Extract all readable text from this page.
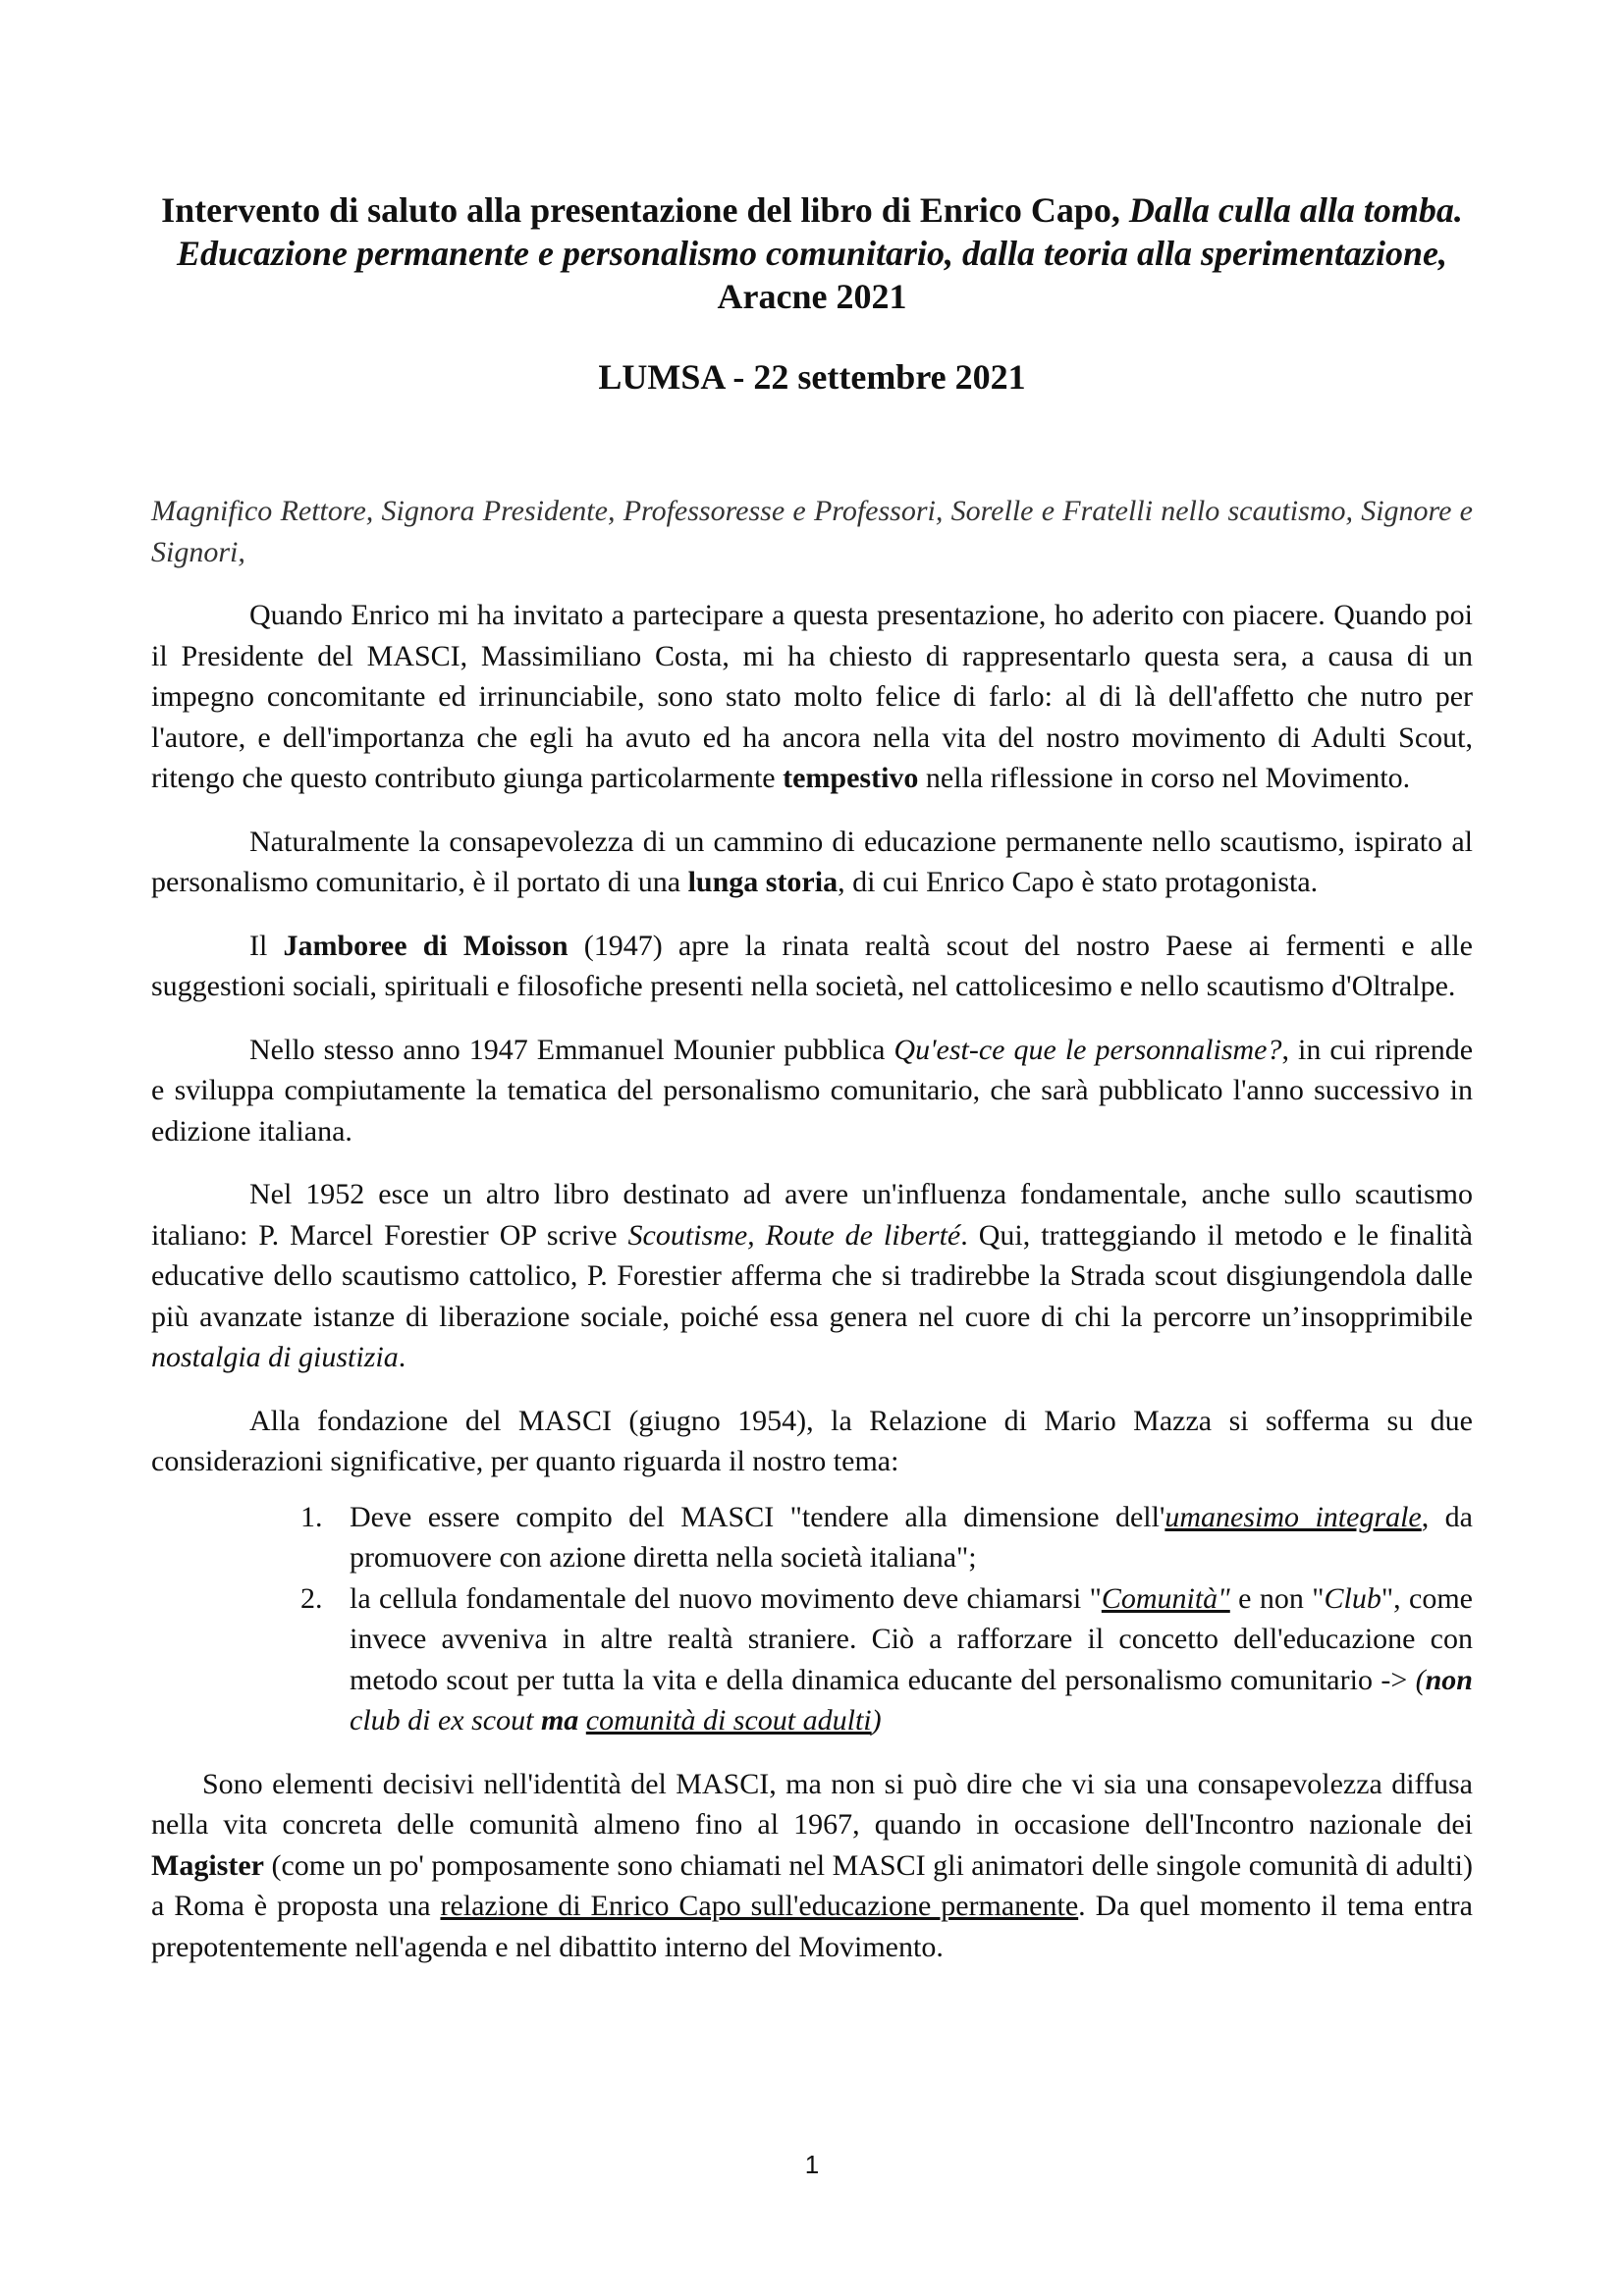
Intervento di saluto alla presentazione del libro di Enrico Capo, Dalla culla alla tomba. Educazione permanente e personalismo comunitario, dalla teoria alla sperimentazione, Aracne 2021
LUMSA - 22 settembre 2021

Magnifico Rettore, Signora Presidente, Professoresse e Professori, Sorelle e Fratelli nello scautismo, Signore e Signori,

Quando Enrico mi ha invitato a partecipare a questa presentazione, ho aderito con piacere. Quando poi il Presidente del MASCI, Massimiliano Costa, mi ha chiesto di rappresentarlo questa sera, a causa di un impegno concomitante ed irrinunciabile, sono stato molto felice di farlo: al di là dell'affetto che nutro per l'autore, e dell'importanza che egli ha avuto ed ha ancora nella vita del nostro movimento di Adulti Scout, ritengo che questo contributo giunga particolarmente tempestivo nella riflessione in corso nel Movimento.

Naturalmente la consapevolezza di un cammino di educazione permanente nello scautismo, ispirato al personalismo comunitario, è il portato di una lunga storia, di cui Enrico Capo è stato protagonista.

Il Jamboree di Moisson (1947) apre la rinata realtà scout del nostro Paese ai fermenti e alle suggestioni sociali, spirituali e filosofiche presenti nella società, nel cattolicesimo e nello scautismo d'Oltralpe.

Nello stesso anno 1947 Emmanuel Mounier pubblica Qu'est-ce que le personnalisme?, in cui riprende e sviluppa compiutamente la tematica del personalismo comunitario, che sarà pubblicato l'anno successivo in edizione italiana.

Nel 1952 esce un altro libro destinato ad avere un'influenza fondamentale, anche sullo scautismo italiano: P. Marcel Forestier OP scrive Scoutisme, Route de liberté. Qui, tratteggiando il metodo e le finalità educative dello scautismo cattolico, P. Forestier afferma che si tradirebbe la Strada scout disgiungendola dalle più avanzate istanze di liberazione sociale, poiché essa genera nel cuore di chi la percorre un’insopprimibile nostalgia di giustizia.

Alla fondazione del MASCI (giugno 1954), la Relazione di Mario Mazza si sofferma su due considerazioni significative, per quanto riguarda il nostro tema:

1. Deve essere compito del MASCI "tendere alla dimensione dell'umanesimo integrale, da promuovere con azione diretta nella società italiana";
2. la cellula fondamentale del nuovo movimento deve chiamarsi "Comunità" e non "Club", come invece avveniva in altre realtà straniere. Ciò a rafforzare il concetto dell'educazione con metodo scout per tutta la vita e della dinamica educante del personalismo comunitario -> (non club di ex scout ma comunità di scout adulti)

Sono elementi decisivi nell'identità del MASCI, ma non si può dire che vi sia una consapevolezza diffusa nella vita concreta delle comunità almeno fino al 1967, quando in occasione dell'Incontro nazionale dei Magister (come un po' pomposamente sono chiamati nel MASCI gli animatori delle singole comunità di adulti) a Roma è proposta una relazione di Enrico Capo sull'educazione permanente. Da quel momento il tema entra prepotentemente nell'agenda e nel dibattito interno del Movimento.

1
